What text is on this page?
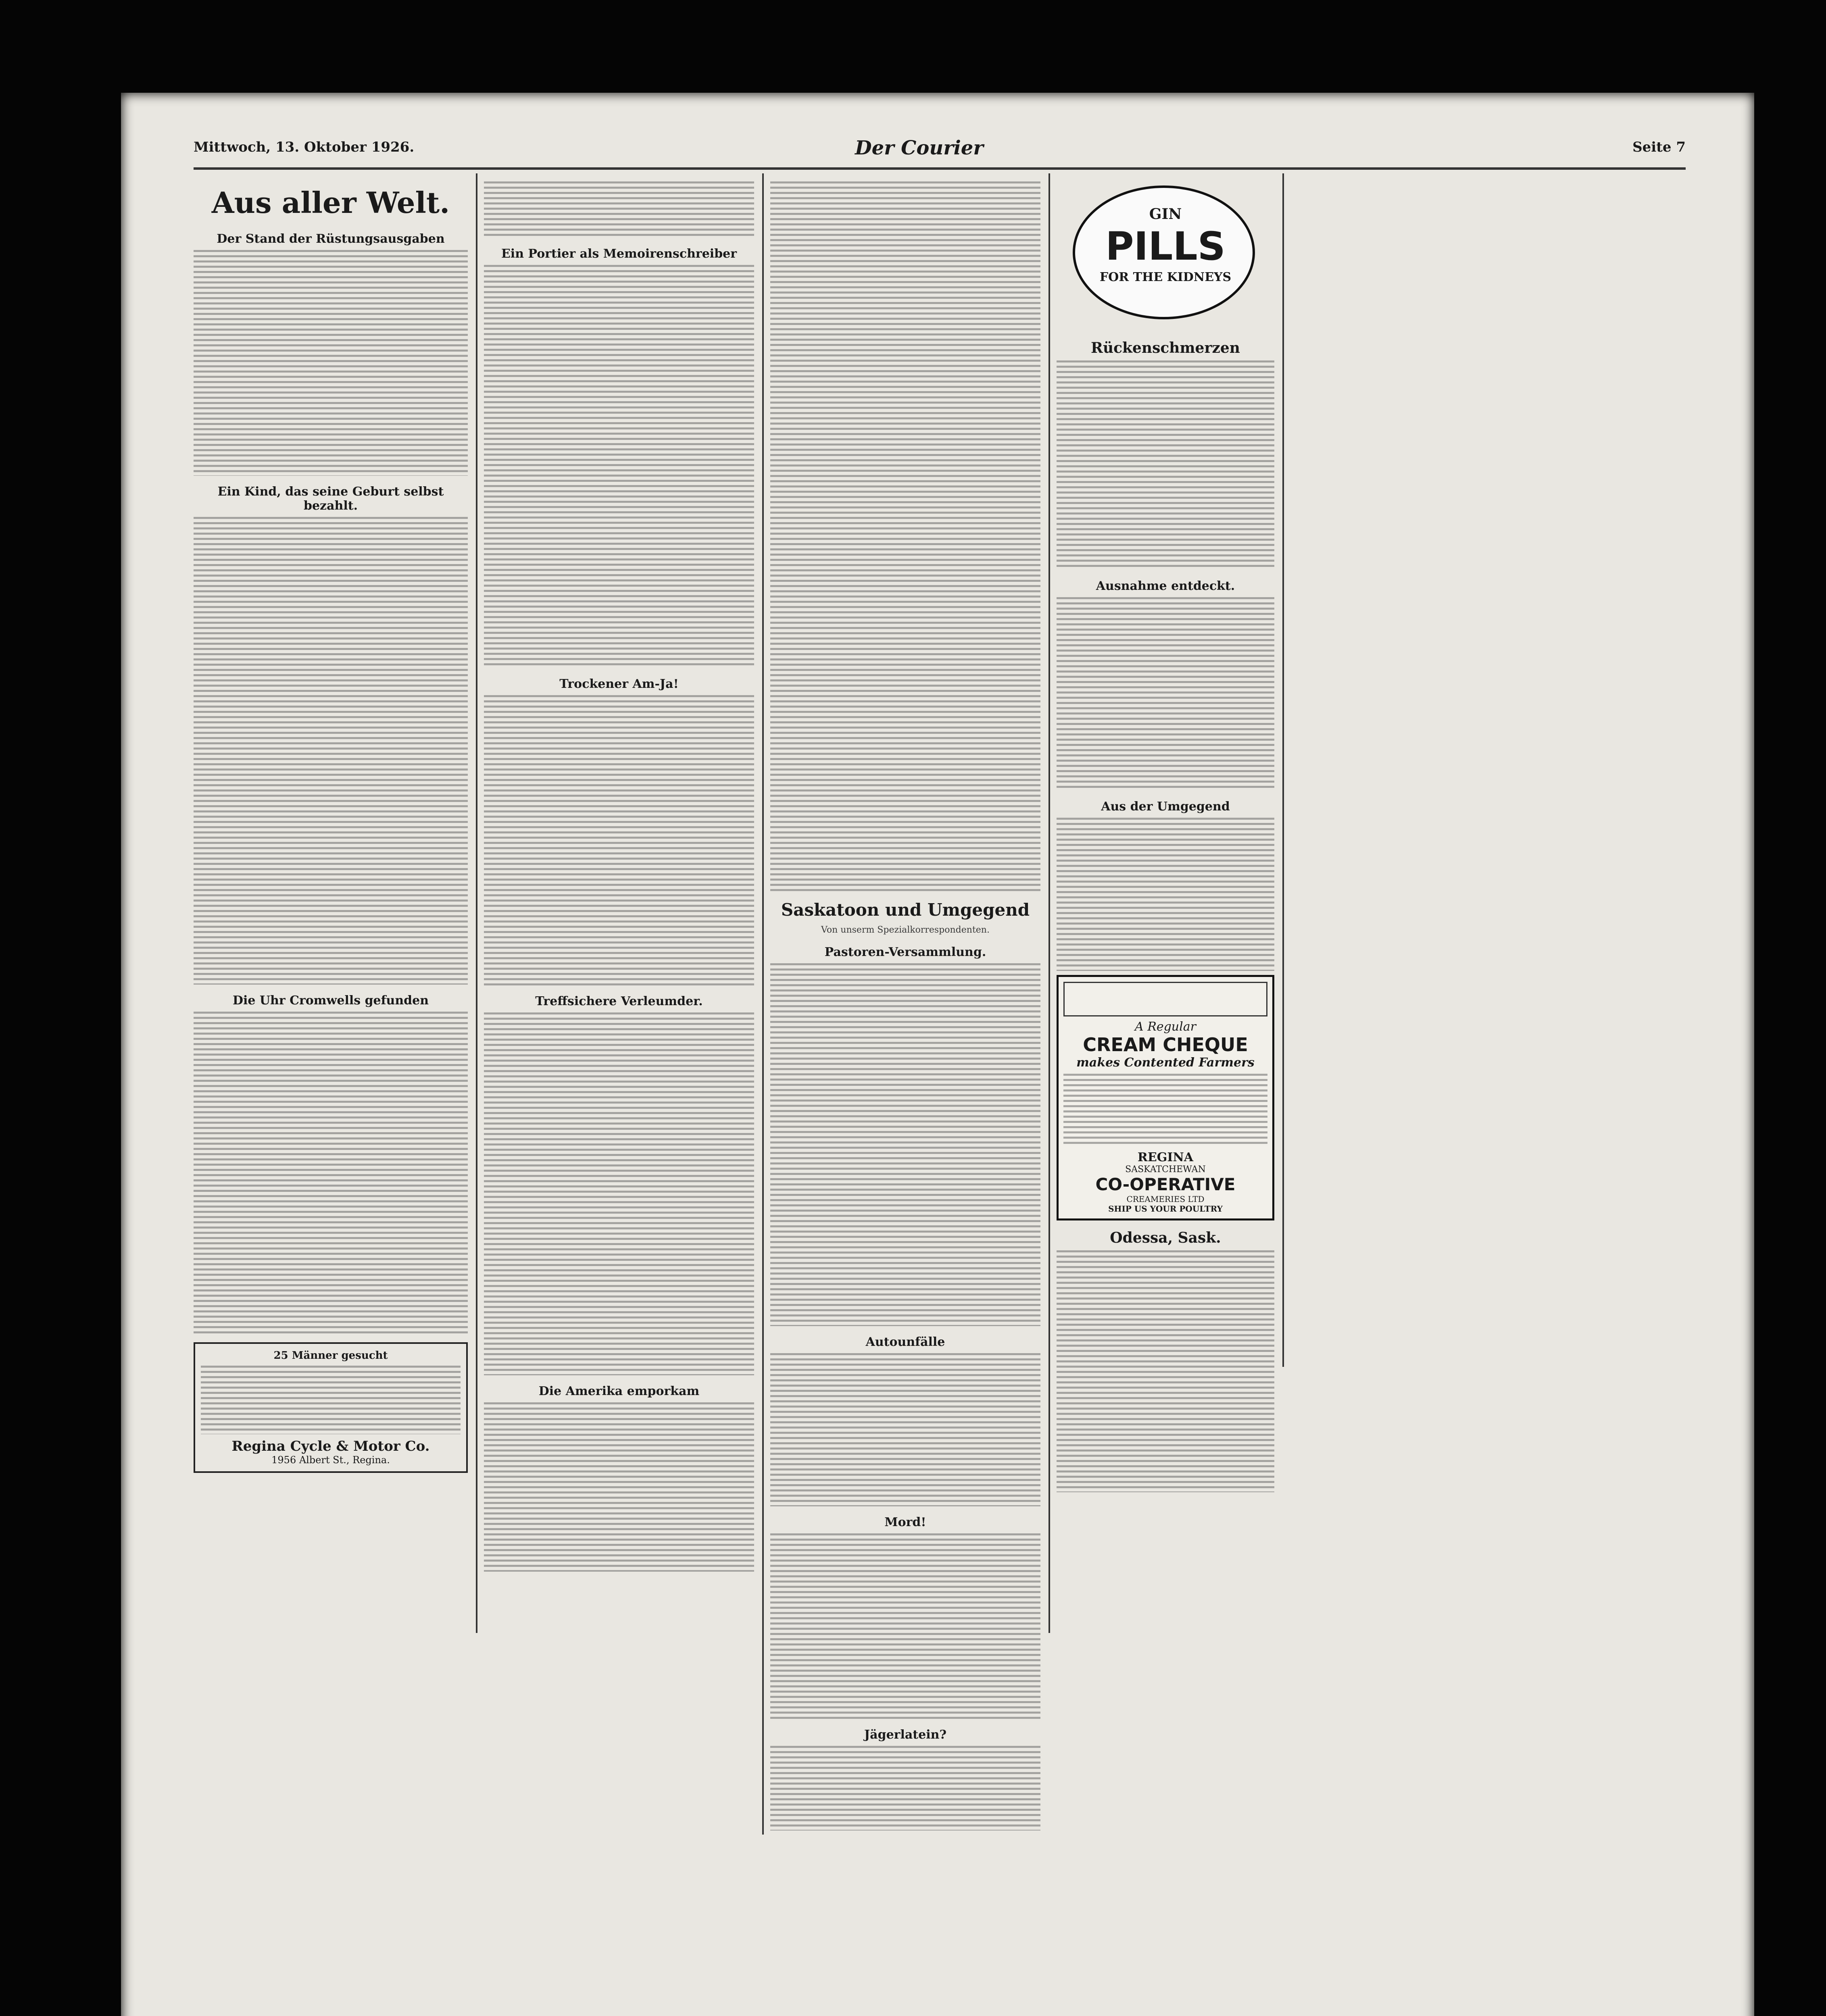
Mittwoch, 13. Oktober 1926.	Der Courier	Seite 7
Aus aller Welt.
Der Stand der Rüstungsausgaben
Ein Kind, das seine Geburt selbst bezahlt.
Die Uhr Cromwells gefunden
25 Männer gesucht
Regina Cycle & Motor Co.
1956 Albert St., Regina.
Ein Portier als Memoirenschreiber
Trockener Am-Ja!
Treffsichere Verleumder.
Die Amerika emporkam
Saskatoon und Umgegend
Von unserm Spezialkorrespondenten.
Pastoren-Versammlung.
Autounfälle
Mord!
Jägerlatein?
GIN
PILLS
FOR THE KIDNEYS
Rückenschmerzen
Ausnahme entdeckt.
Aus der Umgegend
A Regular
CREAM CHEQUE
makes Contented Farmers
REGINA
SASKATCHEWAN
CO-OPERATIVE
CREAMERIES LTD
SHIP US YOUR POULTRY
Odessa, Sask.
